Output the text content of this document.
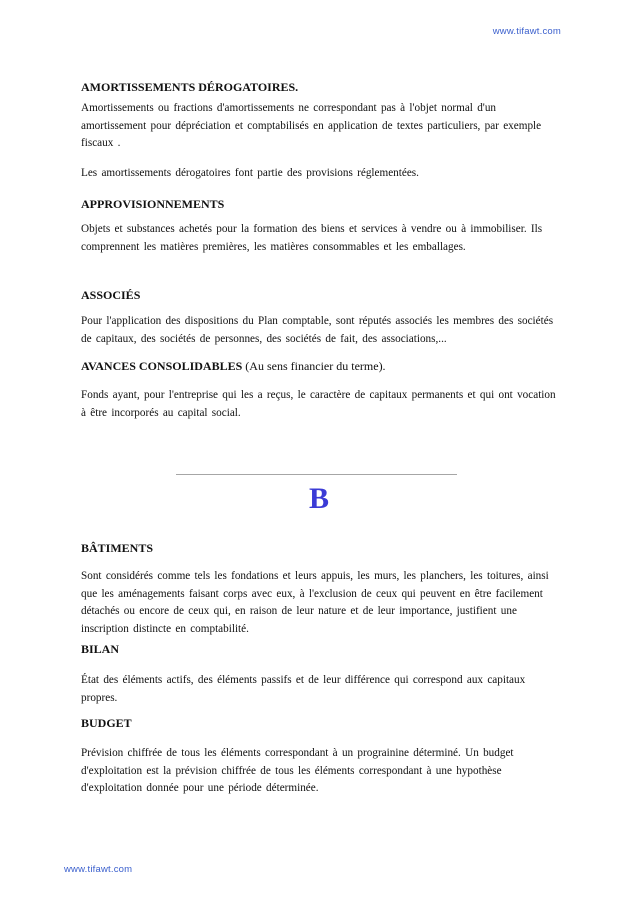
www.tifawt.com

AMORTISSEMENTS DÉROGATOIRES.

Amortissements ou fractions d'amortissements ne correspondant pas à l'objet normal d'un amortissement pour dépréciation et comptabilisés en application de textes particuliers, par exemple fiscaux .

Les amortissements dérogatoires font partie des provisions réglementées.

APPROVISIONNEMENTS

Objets et substances achetés pour la formation des biens et services à vendre ou à immobiliser. Ils comprennent les matières premières, les matières consommables et les emballages.

ASSOCIÉS

Pour l'application des dispositions du Plan comptable, sont réputés associés les membres des sociétés de capitaux, des sociétés de personnes, des sociétés de fait, des associations,...

AVANCES CONSOLIDABLES (Au sens financier du terme).

Fonds ayant, pour l'entreprise qui les a reçus, le caractère de capitaux permanents et qui ont vocation à être incorporés au capital social.

B

BÂTIMENTS

Sont considérés comme tels les fondations et leurs appuis, les murs, les planchers, les toitures, ainsi que les aménagements faisant corps avec eux, à l'exclusion de ceux qui peuvent en être facilement détachés ou encore de ceux qui, en raison de leur nature et de leur importance, justifient une inscription distincte en comptabilité.

BILAN

État des éléments actifs, des éléments passifs et de leur différence qui correspond aux capitaux propres.

BUDGET

Prévision chiffrée de tous les éléments correspondant à un prograinine déterminé. Un budget d'exploitation est la prévision chiffrée de tous les éléments correspondant à une hypothèse d'exploitation donnée pour une période déterminée.

www.tifawt.com
